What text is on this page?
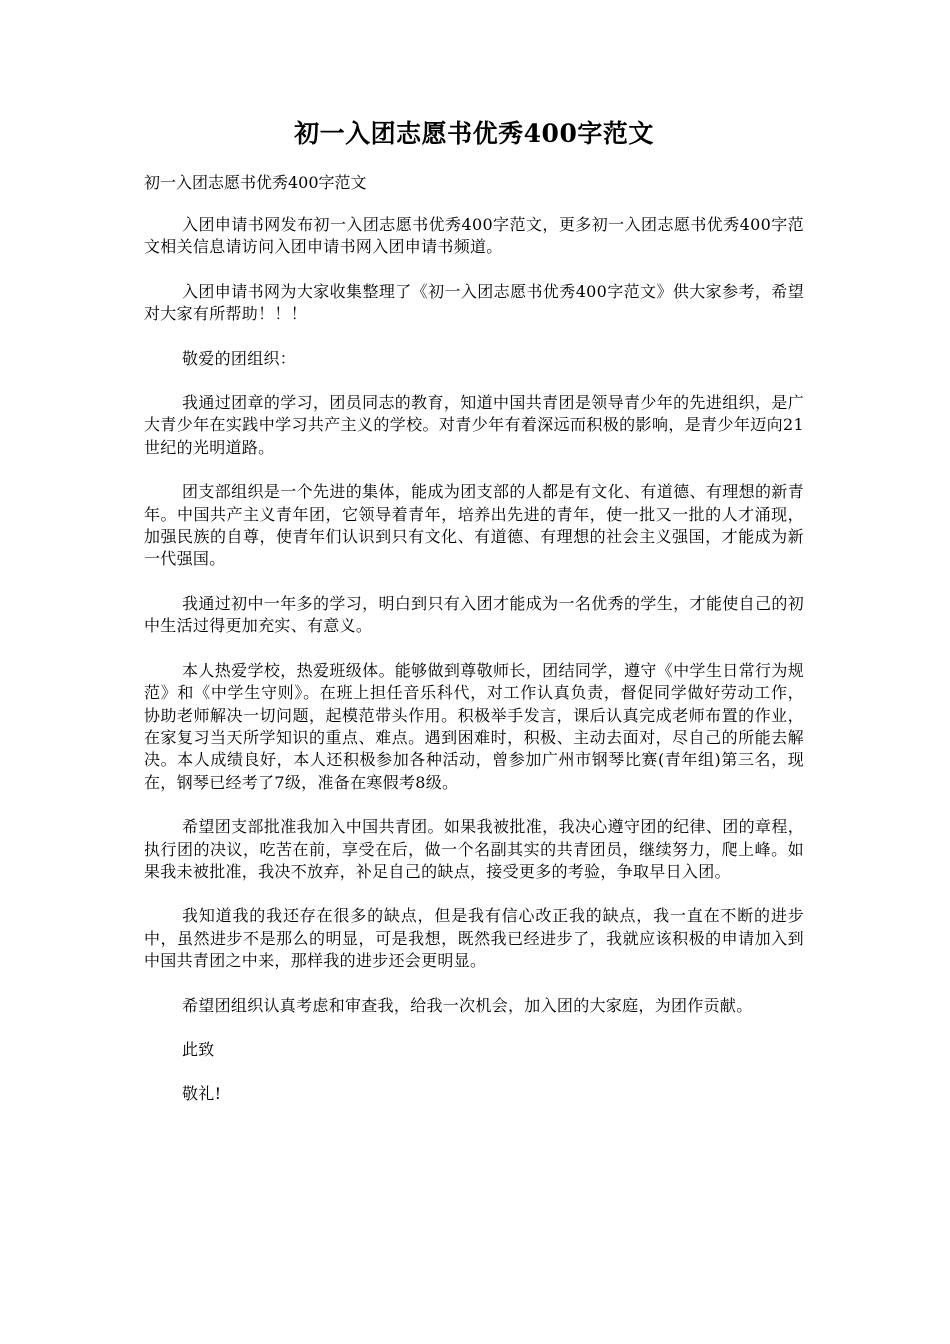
初一入团志愿书优秀400字范文

初一入团志愿书优秀400字范文

入团申请书网发布初一入团志愿书优秀400字范文，更多初一入团志愿书优秀400字范文相关信息请访问入团申请书网入团申请书频道。

入团申请书网为大家收集整理了《初一入团志愿书优秀400字范文》供大家参考，希望对大家有所帮助！！！

敬爱的团组织：

我通过团章的学习，团员同志的教育，知道中国共青团是领导青少年的先进组织，是广大青少年在实践中学习共产主义的学校。对青少年有着深远而积极的影响，是青少年迈向21世纪的光明道路。

团支部组织是一个先进的集体，能成为团支部的人都是有文化、有道德、有理想的新青年。中国共产主义青年团，它领导着青年，培养出先进的青年，使一批又一批的人才涌现，加强民族的自尊，使青年们认识到只有文化、有道德、有理想的社会主义强国，才能成为新一代强国。

我通过初中一年多的学习，明白到只有入团才能成为一名优秀的学生，才能使自己的初中生活过得更加充实、有意义。

本人热爱学校，热爱班级体。能够做到尊敬师长，团结同学，遵守《中学生日常行为规范》和《中学生守则》。在班上担任音乐科代，对工作认真负责，督促同学做好劳动工作，协助老师解决一切问题，起模范带头作用。积极举手发言，课后认真完成老师布置的作业，在家复习当天所学知识的重点、难点。遇到困难时，积极、主动去面对，尽自己的所能去解决。本人成绩良好，本人还积极参加各种活动，曾参加广州市钢琴比赛(青年组)第三名，现在，钢琴已经考了7级，准备在寒假考8级。

希望团支部批准我加入中国共青团。如果我被批准，我决心遵守团的纪律、团的章程，执行团的决议，吃苦在前，享受在后，做一个名副其实的共青团员，继续努力，爬上峰。如果我未被批准，我决不放弃，补足自己的缺点，接受更多的考验，争取早日入团。

我知道我的我还存在很多的缺点，但是我有信心改正我的缺点，我一直在不断的进步中，虽然进步不是那么的明显，可是我想，既然我已经进步了，我就应该积极的申请加入到中国共青团之中来，那样我的进步还会更明显。

希望团组织认真考虑和审查我，给我一次机会，加入团的大家庭，为团作贡献。

此致

敬礼!
